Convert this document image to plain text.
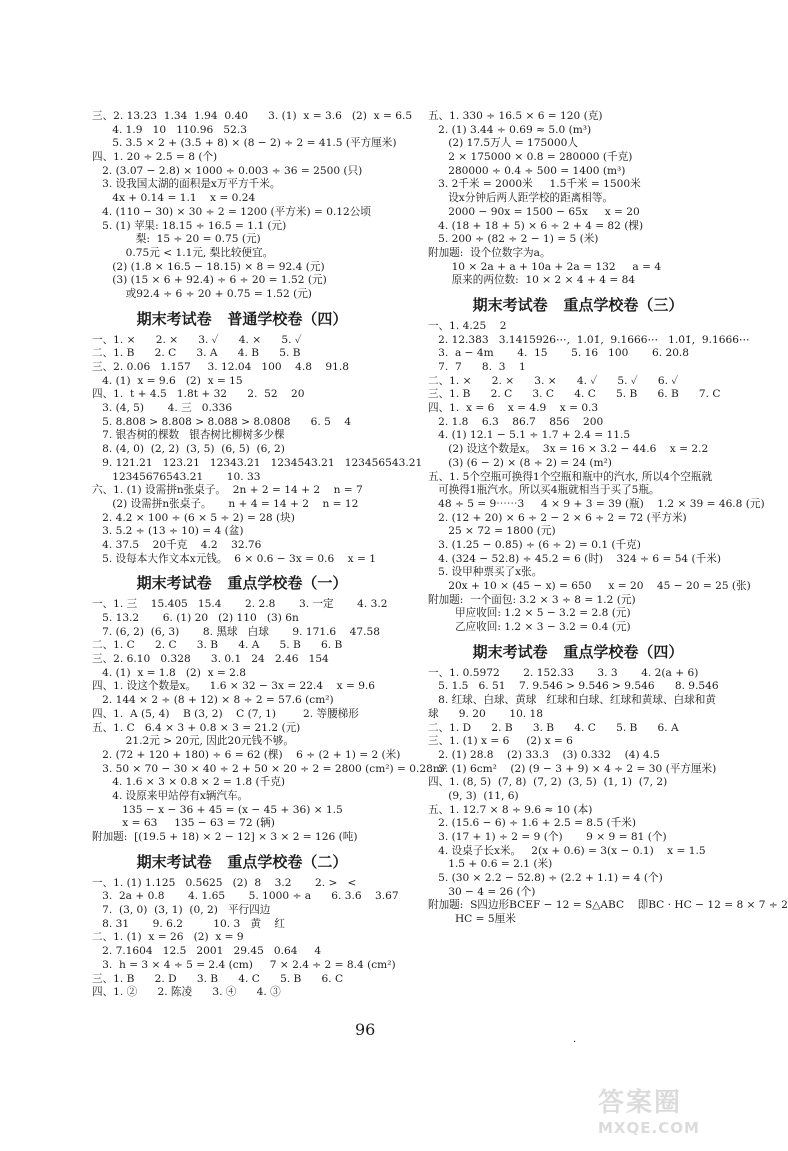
三、2. 13.23  1.34  1.94̇  0.40      3. (1)  x = 3.6   (2)  x = 6.5
4. 1.9   10   110.96   52.3
5. 3.5 × 2 + (3.5 + 8) × (8 − 2) ÷ 2 = 41.5 (平方厘米)
四、1. 20 ÷ 2.5 = 8 (个)
2. (3.07 − 2.8) × 1000 ÷ 0.003 ÷ 36 = 2500 (只)
3. 设我国太湖的面积是x万平方千米。
4x + 0.14 = 1.1    x = 0.24
4. (110 − 30) × 30 ÷ 2 = 1200 (平方米) = 0.12公顷
5. (1) 苹果: 18.15 ÷ 16.5 = 1.1 (元)
梨:  15 ÷ 20 = 0.75 (元)
0.75元 < 1.1元, 梨比较便宜。
(2) (1.8 × 16.5 − 18.15) × 8 = 92.4 (元)
(3) (15 × 6 + 92.4) ÷ 6 ÷ 20 = 1.52 (元)
或92.4 ÷ 6 ÷ 20 + 0.75 = 1.52 (元)
期末考试卷   普通学校卷（四）
一、1. ×      2. ×      3. ✓      4. ×      5. ✓
二、1. B      2. C      3. A      4. B      5. B
三、2. 0.06   1.157     3. 12.04   100    4.8    91.8
4. (1)  x = 9.6   (2)  x = 15
四、1.  t + 4.5   1.8t + 32      2.  52    20
3. (4, 5)       4. 三   0.336
5. 8.808 > 8.808 > 8.088 > 8.0808      6. 5    4
7. 银杏树的棵数   银杏树比柳树多少棵
8. (4, 0)  (2, 2)  (3, 5)  (6, 5)  (6, 2)
9. 121.21   123.21   12343.21   1234543.21   123456543.21
12345676543.21       10. 33
六、1. (1) 设需拼n张桌子。  2n + 2 = 14 + 2    n = 7
(2) 设需拼n张桌子。     n + 4 = 14 + 2    n = 12
2. 4.2 × 100 ÷ (6 × 5 ÷ 2) = 28 (块)
3. 5.2 ÷ (13 ÷ 10) = 4 (盆)
4. 37.5    20千克    4.2    32.76
5. 设每本大作文本x元钱。  6 × 0.6 − 3x = 0.6    x = 1
期末考试卷   重点学校卷（一）
一、1. 三    15.405   15.4       2. 2.8       3. 一定       4. 3.2
5. 13.2       6. (1) 20   (2) 110   (3) 6n
7. (6, 2)  (6, 3)       8. 黑球   白球       9. 171.6    47.58
二、1. C      2. C      3. B      4. A      5. B      6. B
三、2. 6.10   0.328      3. 0.1   24   2.46   154
4. (1)  x = 1.8   (2)  x = 2.8
四、1. 设这个数是x。    1.6 × 32 − 3x = 22.4    x = 9.6
2. 144 × 2 ÷ (8 + 12) × 8 ÷ 2 = 57.6 (cm²)
四、1.  A (5, 4)    B (3, 2)    C (7, 1)        2. 等腰梯形
五、1. C   6.4 × 3 + 0.8 × 3 = 21.2 (元)
21.2元 > 20元, 因此20元钱不够。
2. (72 + 120 + 180) ÷ 6 = 62 (棵)    6 ÷ (2 + 1) = 2 (米)
3. 50 × 70 − 30 × 40 ÷ 2 + 50 × 20 ÷ 2 = 2800 (cm²) = 0.28m²
4. 1.6 × 3 × 0.8 × 2 = 1.8 (千克)
4. 设原来甲站停有x辆汽车。
135 − x − 36 + 45 = (x − 45 + 36) × 1.5
x = 63     135 − 63 = 72 (辆)
附加题:  [(19.5 + 18) × 2 − 12] × 3 × 2 = 126 (吨)
期末考试卷   重点学校卷（二）
一、1. (1) 1.125   0.5625   (2)  8    3.2       2. >   <
3.  2a + 0.8       4. 1.65       5. 1000 ÷ a      6. 3.6̇    3.67
7.  (3, 0)  (3, 1)  (0, 2)   平行四边
8. 31       9. 6.2         10. 3   黄    红
二、1. (1)  x = 26   (2)  x = 9
2. 7.1604   12.5   2001   29.45   0.64     4
3.  h = 3 × 4 ÷ 5 = 2.4 (cm)     7 × 2.4 ÷ 2 = 8.4 (cm²)
三、1. B      2. D      3. B      4. C      5. B      6. C
四、1. ②      2. 陈凌      3. ④      4. ③
五、1. 330 ÷ 16.5 × 6 = 120 (克)
2. (1) 3.44 ÷ 0.69 ≈ 5.0 (m³)
(2) 17.5万人 = 175000人
2 × 175000 × 0.8 = 280000 (千克)
280000 ÷ 0.4 ÷ 500 = 1400 (m³)
3. 2千米 = 2000米     1.5千米 = 1500米
设x分钟后两人距学校的距离相等。
2000 − 90x = 1500 − 65x     x = 20
4. (18 + 18 + 5) × 6 ÷ 2 + 4 = 82 (棵)
5. 200 ÷ (82 ÷ 2 − 1) = 5 (米)
附加题:  设个位数字为a。
10 × 2a + a + 10a + 2a = 132     a = 4
原来的两位数:  10 × 2 × 4 + 4 = 84
期末考试卷   重点学校卷（三）
一、1. 4.25    2
2. 12.383   3.1415926⋯,  1.01̇,  9.1666⋯   1.0̇1̇,  9.1666⋯
3.  a − 4m       4.  15       5. 16   100       6. 20.8
7.  7      8.  3    1
二、1. ×      2. ×      3. ×      4. ✓      5. ✓      6. ✓
三、1. B      2. C      3. C      4. C      5. B      6. B      7. C
四、1.  x = 6    x = 4.9    x = 0.3
2. 1.8    6.3    86.7    856    200
4. (1) 12.1 − 5.1 ÷ 1.7 + 2.4 = 11.5
(2) 设这个数是x。  3x = 16 × 3.2 − 44.6    x = 2.2
(3) (6 − 2) × (8 ÷ 2) = 24 (m²)
五、1. 5个空瓶可换得1个空瓶和瓶中的汽水, 所以4个空瓶就
可换得1瓶汽水。所以买4瓶就相当于买了5瓶。
48 ÷ 5 = 9⋯⋯3     4 × 9 + 3 = 39 (瓶)    1.2 × 39 = 46.8 (元)
2. (12 + 20) × 6 ÷ 2 − 2 × 6 ÷ 2 = 72 (平方米)
25 × 72 = 1800 (元)
3. (1.25 − 0.85) ÷ (6 ÷ 2) = 0.1 (千克)
4. (324 − 52.8) ÷ 45.2 = 6 (时)    324 ÷ 6 = 54 (千米)
5. 设甲种票买了x张。
20x + 10 × (45 − x) = 650     x = 20    45 − 20 = 25 (张)
附加题:  一个面包: 3.2 × 3 ÷ 8 = 1.2 (元)
甲应收回: 1.2 × 5 − 3.2 = 2.8 (元)
乙应收回: 1.2 × 3 − 3.2 = 0.4 (元)
期末考试卷   重点学校卷（四）
一、1. 0.5972       2. 152.33       3. 3       4. 2(a + 6)
5. 1.5   6. 51    7. 9.546̇ > 9.54̇6̇ > 9.546      8. 9.5̇46̇
8. 红球、白球、黄球   红球和白球、红球和黄球、白球和黄
球      9. 20       10. 18
二、1. D      2. B      3. B      4. C      5. B      6. A
三、1. (1) x = 6     (2) x = 6
2. (1) 28.8    (2) 33.3    (3) 0.332    (4) 4.5
3. (1) 6cm²    (2) (9 − 3 + 9) × 4 ÷ 2 = 30 (平方厘米)
四、1. (8, 5)  (7, 8)  (7, 2)  (3, 5)  (1, 1)  (7, 2)
(9, 3)  (11, 6)
五、1. 12.7 × 8 ÷ 9.6 ≈ 10 (本)
2. (15.6 − 6) ÷ 1.6 + 2.5 = 8.5 (千米)
3. (17 + 1) ÷ 2 = 9 (个)       9 × 9 = 81 (个)
4. 设桌子长x米。   2(x + 0.6) = 3(x − 0.1)    x = 1.5
1.5 + 0.6 = 2.1 (米)
5. (30 × 2.2 − 52.8) ÷ (2.2 + 1.1) = 4 (个)
30 − 4 = 26 (个)
附加题:  S四边形BCEF − 12 = S△ABC    即BC · HC − 12 = 8 × 7 ÷ 2
HC = 5厘米
96
·
答案圈
MXQE.COM
